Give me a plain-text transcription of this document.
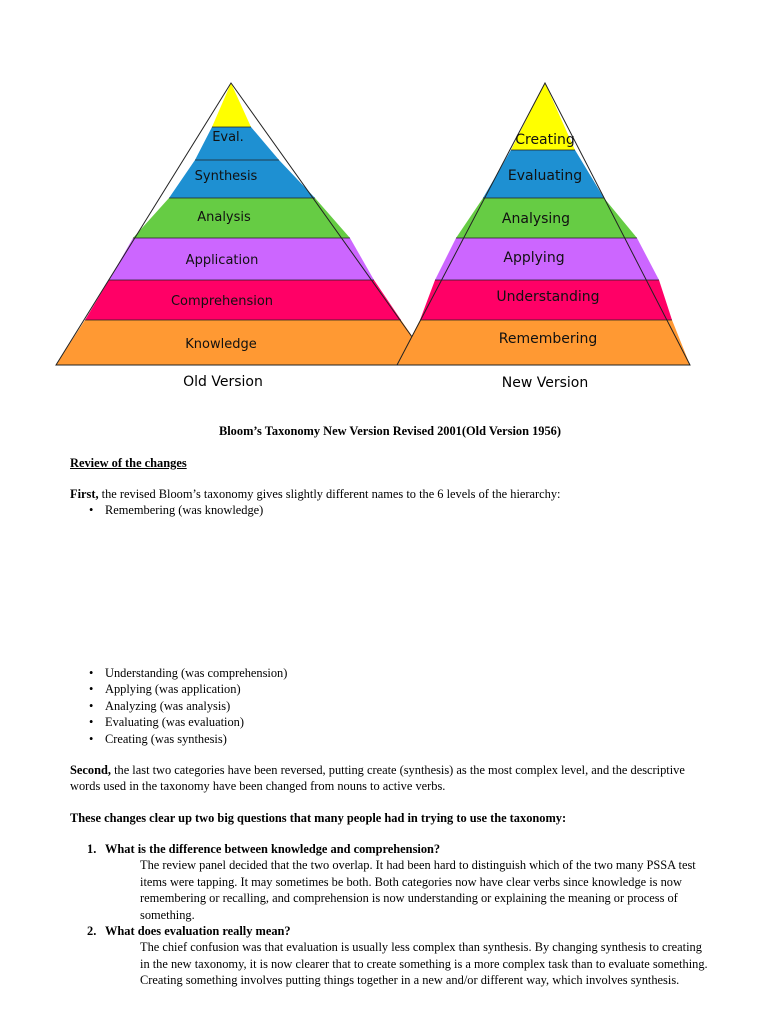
Eval.
Synthesis
Analysis
Application
Comprehension
Knowledge
Old Version
Creating
Evaluating
Analysing
Applying
Understanding
Remembering
New Version
Bloom’s Taxonomy New Version Revised 2001(Old Version 1956)
Review of the changes
First, the revised Bloom’s taxonomy gives slightly different names to the 6 levels of the hierarchy:
• Remembering (was knowledge)
• Understanding (was comprehension)
• Applying (was application)
• Analyzing (was analysis)
• Evaluating (was evaluation)
• Creating (was synthesis)
Second, the last two categories have been reversed, putting create (synthesis) as the most complex level, and the descriptive words used in the taxonomy have been changed from nouns to active verbs.
These changes clear up two big questions that many people had in trying to use the taxonomy:
1. What is the difference between knowledge and comprehension?
The review panel decided that the two overlap. It had been hard to distinguish which of the two many PSSA test items were tapping. It may sometimes be both. Both categories now have clear verbs since knowledge is now remembering or recalling, and comprehension is now understanding or explaining the meaning or process of something.
2. What does evaluation really mean?
The chief confusion was that evaluation is usually less complex than synthesis. By changing synthesis to creating in the new taxonomy, it is now clearer that to create something is a more complex task than to evaluate something. Creating something involves putting things together in a new and/or different way, which involves synthesis.
